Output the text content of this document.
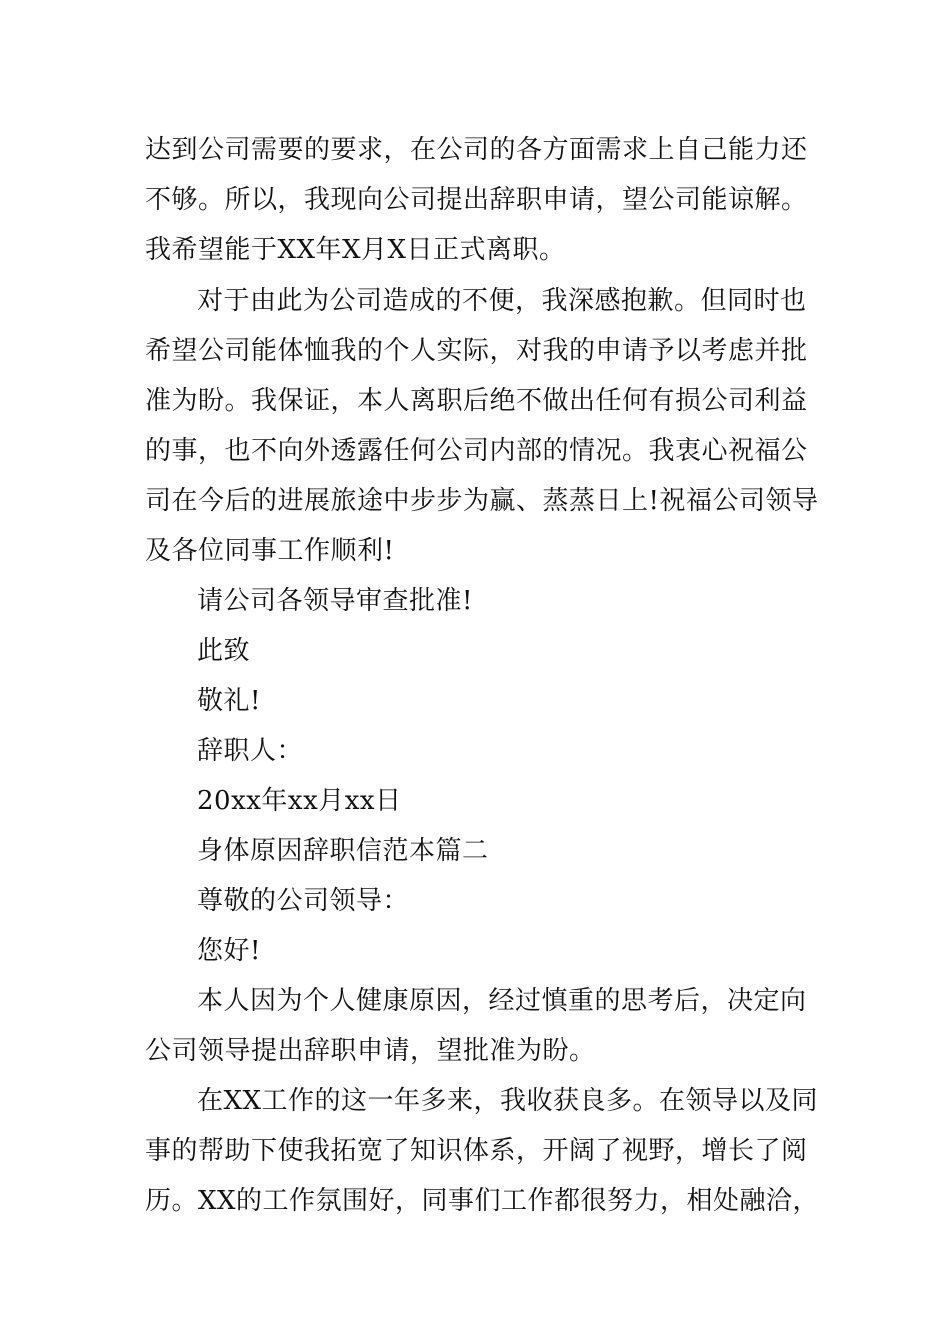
达到公司需要的要求，在公司的各方面需求上自己能力还
不够。所以，我现向公司提出辞职申请，望公司能谅解。
我希望能于XX年X月X日正式离职。
对于由此为公司造成的不便，我深感抱歉。但同时也
希望公司能体恤我的个人实际，对我的申请予以考虑并批
准为盼。我保证，本人离职后绝不做出任何有损公司利益
的事，也不向外透露任何公司内部的情况。我衷心祝福公
司在今后的进展旅途中步步为赢、蒸蒸日上!祝福公司领导
及各位同事工作顺利!
请公司各领导审查批准!
此致
敬礼!
辞职人：
20xx年xx月xx日
身体原因辞职信范本篇二
尊敬的公司领导：
您好!
本人因为个人健康原因，经过慎重的思考后，决定向
公司领导提出辞职申请，望批准为盼。
在XX工作的这一年多来，我收获良多。在领导以及同
事的帮助下使我拓宽了知识体系，开阔了视野，增长了阅
历。XX的工作氛围好，同事们工作都很努力，相处融洽，
